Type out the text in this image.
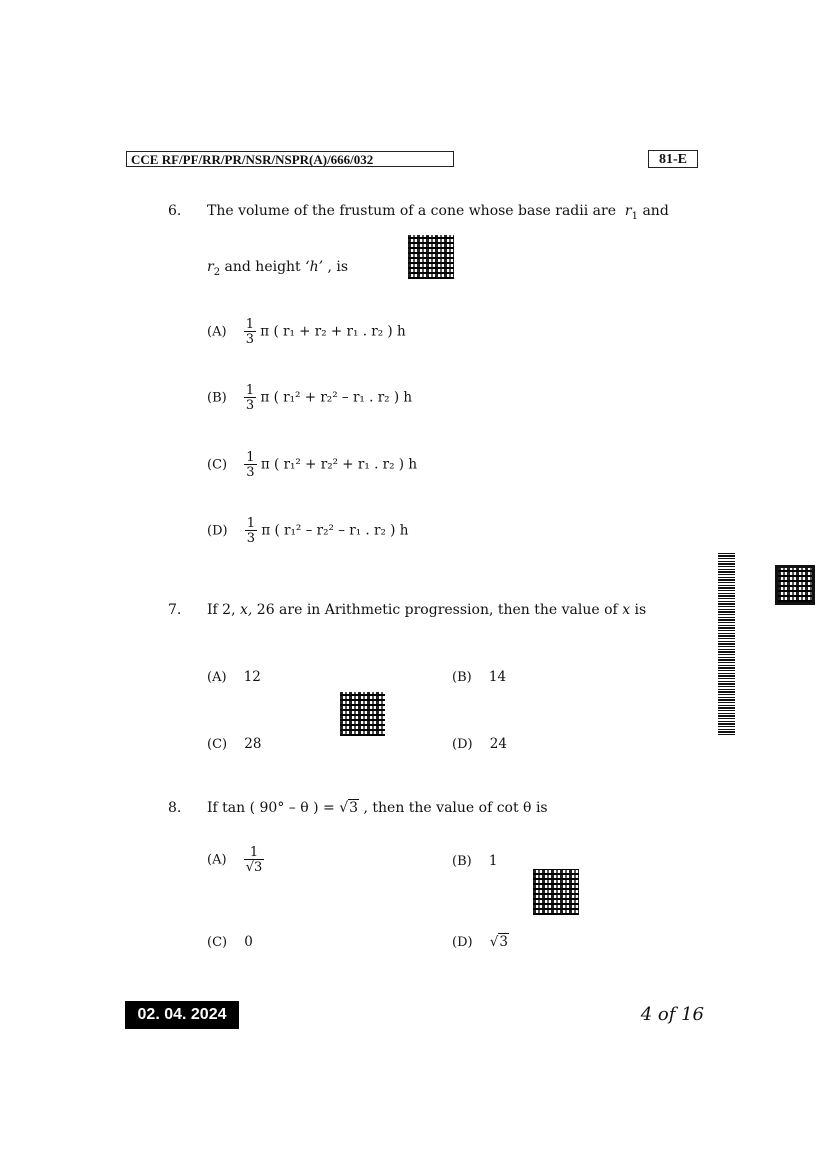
CCE RF/PF/RR/PR/NSR/NSPR(A)/666/032	81-E
6. The volume of the frustum of a cone whose base radii are $r_1$ and
$r_2$ and height ‘h’ , is
$(A) \frac{1}{3}$ π ( r₁ + r₂ + r₁ . r₂ ) h
$(B) \frac{1}{3}$ π ( r₁² + r₂² – r₁ . r₂ ) h
$(C) \frac{1}{3}$ π ( r₁² + r₂² + r₁ . r₂ ) h
$(D) \frac{1}{3}$ π ( r₁² – r₂² – r₁ . r₂ ) h
7. If 2, x, 26 are in Arithmetic progression, then the value of x is
(A) 12	(B) 14
(C) 28	(D) 24
8. If tan ( 90° – θ ) = √3 , then the value of cot θ is
$(A) \frac{1}{√3}$	(B) 1
(C) 0	(D) √3
02. 04. 2024	4 of 16
